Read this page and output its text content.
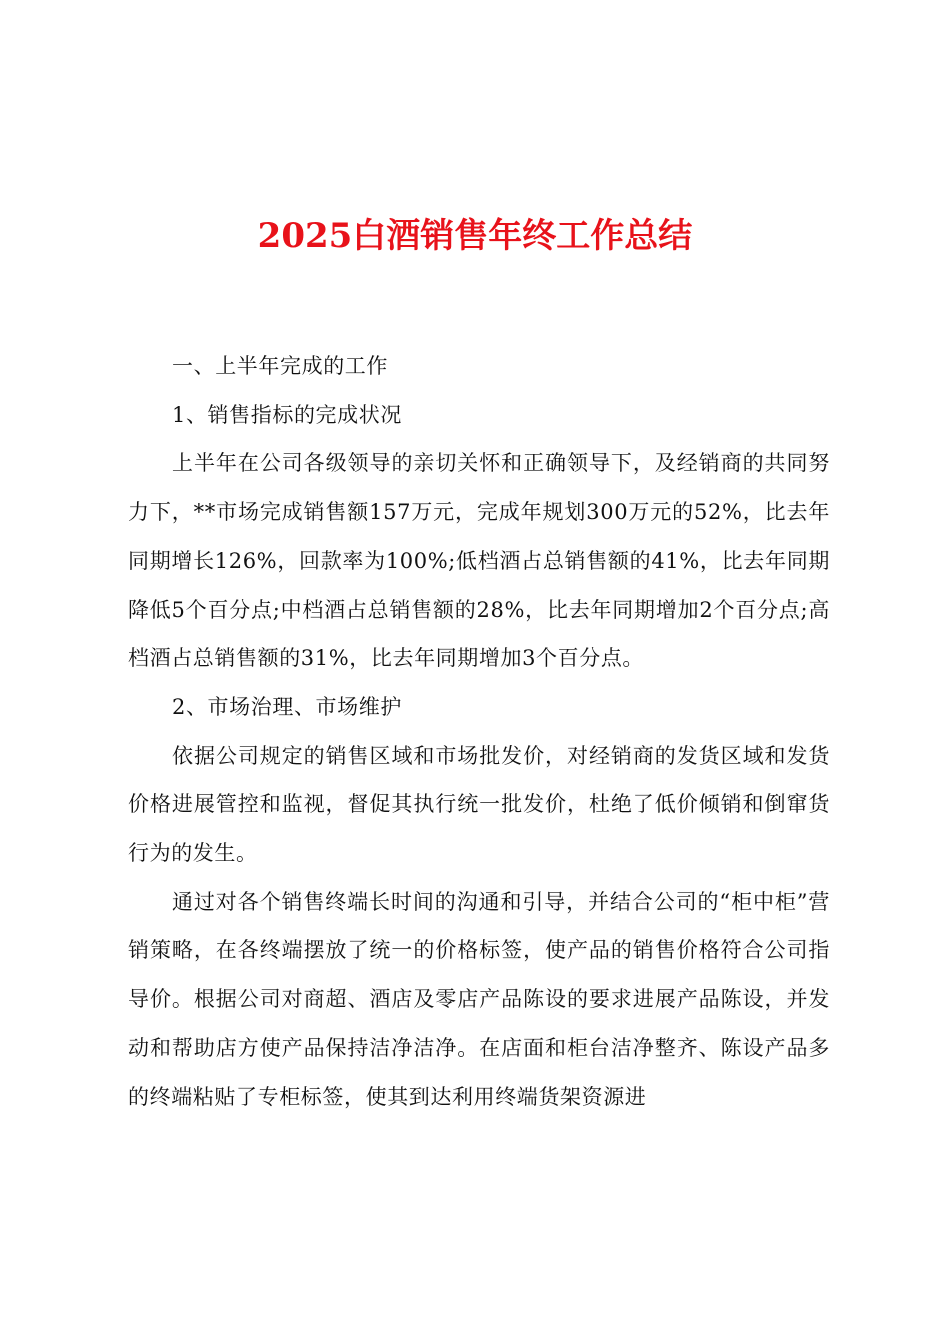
2025白酒销售年终工作总结

一、上半年完成的工作

1、销售指标的完成状况

上半年在公司各级领导的亲切关怀和正确领导下，及经销商的共同努力下，**市场完成销售额157万元，完成年规划300万元的52%，比去年同期增长126%，回款率为100%;低档酒占总销售额的41%，比去年同期降低5个百分点;中档酒占总销售额的28%，比去年同期增加2个百分点;高档酒占总销售额的31%，比去年同期增加3个百分点。

2、市场治理、市场维护

依据公司规定的销售区域和市场批发价，对经销商的发货区域和发货价格进展管控和监视，督促其执行统一批发价，杜绝了低价倾销和倒窜货行为的发生。

通过对各个销售终端长时间的沟通和引导，并结合公司的“柜中柜”营销策略，在各终端摆放了统一的价格标签，使产品的销售价格符合公司指导价。根据公司对商超、酒店及零店产品陈设的要求进展产品陈设，并发动和帮助店方使产品保持洁净洁净。在店面和柜台洁净整齐、陈设产品多的终端粘贴了专柜标签，使其到达利用终端货架资源进
